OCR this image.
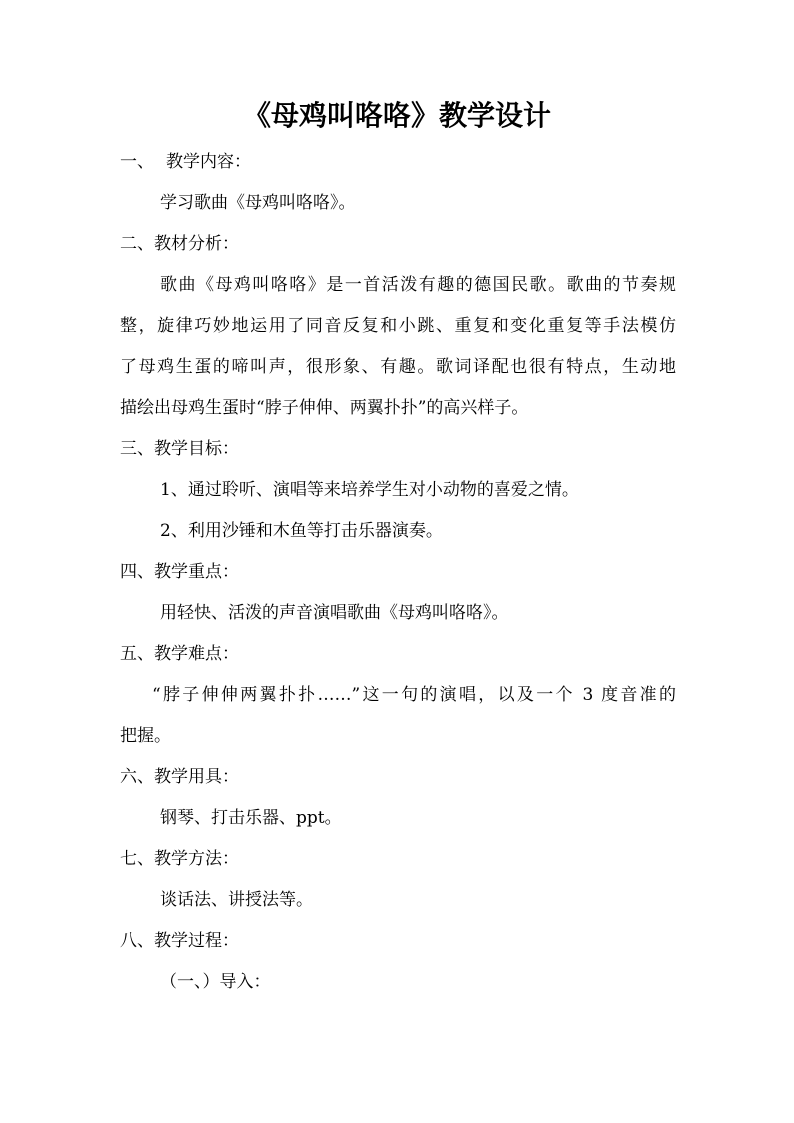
《母鸡叫咯咯》教学设计
一、 教学内容：
学习歌曲《母鸡叫咯咯》。
二、教材分析：
歌曲《母鸡叫咯咯》是一首活泼有趣的德国民歌。歌曲的节奏规
整，旋律巧妙地运用了同音反复和小跳、重复和变化重复等手法模仿
了母鸡生蛋的啼叫声，很形象、有趣。歌词译配也很有特点，生动地
描绘出母鸡生蛋时“脖子伸伸、两翼扑扑”的高兴样子。
三、教学目标：
1、通过聆听、演唱等来培养学生对小动物的喜爱之情。
2、利用沙锤和木鱼等打击乐器演奏。
四、教学重点：
用轻快、活泼的声音演唱歌曲《母鸡叫咯咯》。
五、教学难点：
“脖子伸伸两翼扑扑……”这一句的演唱，以及一个 3 度音准的
把握。
六、教学用具：
钢琴、打击乐器、ppt。
七、教学方法：
谈话法、讲授法等。
八、教学过程：
（一、）导入：
